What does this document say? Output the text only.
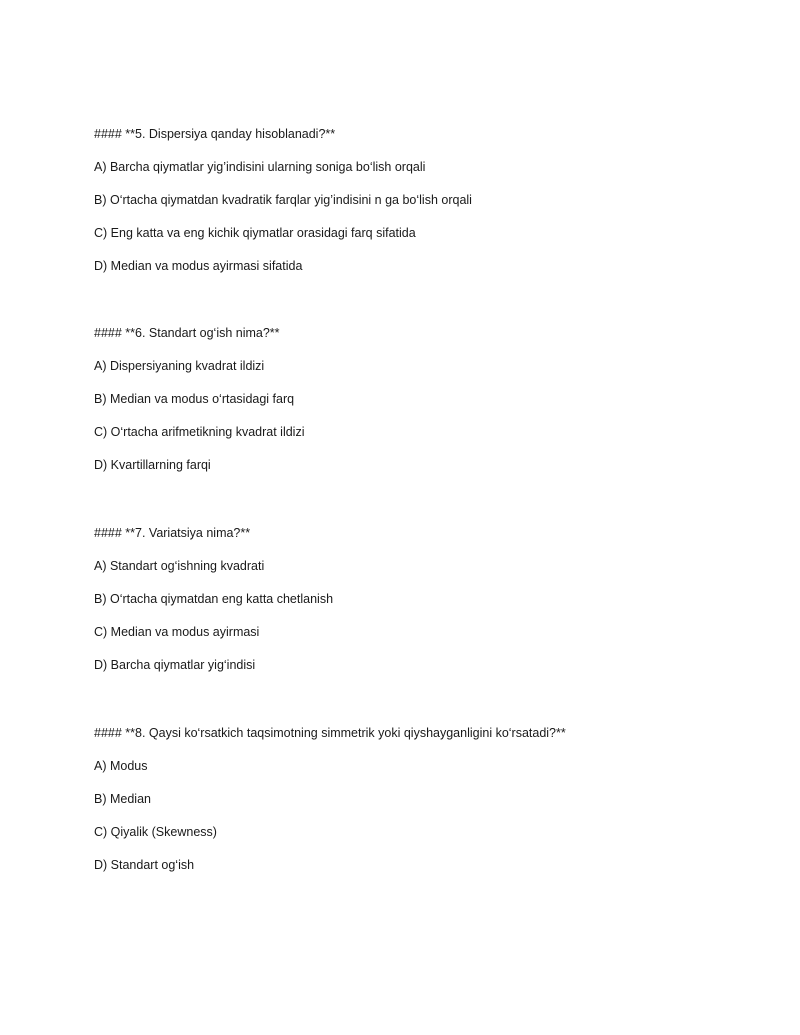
#### **5. Dispersiya qanday hisoblanadi?**
A) Barcha qiymatlar yig’indisini ularning soniga bo‘lish orqali
B) O‘rtacha qiymatdan kvadratik farqlar yig’indisini n ga bo‘lish orqali
C) Eng katta va eng kichik qiymatlar orasidagi farq sifatida
D) Median va modus ayirmasi sifatida
#### **6. Standart og‘ish nima?**
A) Dispersiyaning kvadrat ildizi
B) Median va modus o‘rtasidagi farq
C) O‘rtacha arifmetikning kvadrat ildizi
D) Kvartillarning farqi
#### **7. Variatsiya nima?**
A) Standart og‘ishning kvadrati
B) O‘rtacha qiymatdan eng katta chetlanish
C) Median va modus ayirmasi
D) Barcha qiymatlar yig‘indisi
#### **8. Qaysi ko‘rsatkich taqsimotning simmetrik yoki qiyshayganligini ko‘rsatadi?**
A) Modus
B) Median
C) Qiyalik (Skewness)
D) Standart og‘ish
